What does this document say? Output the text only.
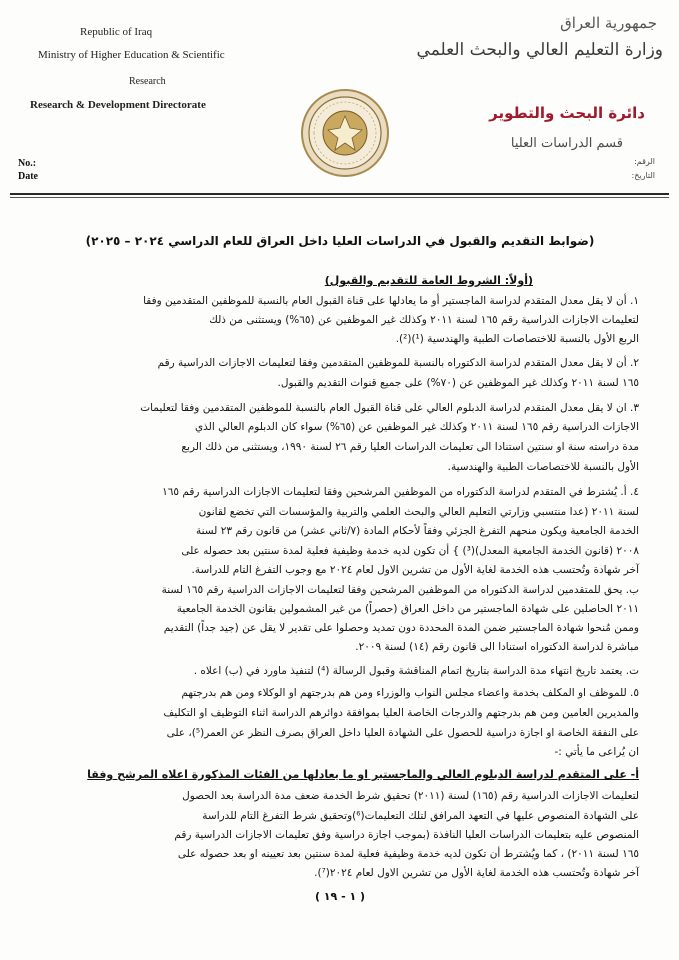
Republic of Iraq
Ministry of Higher Education & Scientific
Research
Research & Development Directorate
جمهورية العراق
وزارة التعليم العالي والبحث العلمي
دائرة البحث والتطوير
قسم الدراسات العليا
No.:
Date
الرقم:
التاريخ:
(ضوابط التقديم والقبول في الدراسات العليا داخل العراق للعام الدراسي ٢٠٢٤ – ٢٠٢٥)
(أولاً: الشروط العامة للتقديم والقبول)
١. أن لا يقل معدل المتقدم لدراسة الماجستير أو ما يعادلها على قناة القبول العام بالنسبة للموظفين المتقدمين وفقا
لتعليمات الاجازات الدراسية رقم ١٦٥ لسنة ٢٠١١ وكذلك غير الموظفين عن (٦٥%) ويستثنى من ذلك
الربع الأول بالنسبة للاختصاصات الطبية والهندسية (¹)(²).
٢. أن لا يقل معدل المتقدم لدراسة الدكتوراه بالنسبة للموظفين المتقدمين وفقا لتعليمات الاجازات الدراسية رقم
١٦٥ لسنة ٢٠١١ وكذلك غير الموظفين عن (٧٠%) على جميع قنوات التقديم والقبول.
٣. ان لا يقل معدل المتقدم لدراسة الدبلوم العالي على قناة القبول العام بالنسبة للموظفين المتقدمين وفقا لتعليمات
الاجازات الدراسية رقم ١٦٥ لسنة ٢٠١١ وكذلك غير الموظفين عن (٦٥%) سواء كان الدبلوم العالي الذي
مدة دراسته سنة او سنتين استنادا الى تعليمات الدراسات العليا رقم ٢٦ لسنة ١٩٩٠، ويستثنى من ذلك الربع
الأول بالنسبة للاختصاصات الطبية والهندسية.
٤. أ. يُشترط في المتقدم لدراسة الدكتوراه من الموظفين المرشحين وفقا لتعليمات الاجازات الدراسية رقم ١٦٥
لسنة ٢٠١١ (عدا منتسبي وزارتي التعليم العالي والبحث العلمي والتربية والمؤسسات التي تخضع لقانون
الخدمة الجامعية ويكون منحهم التفرغ الجزئي وفقاً لأحكام المادة (٧/ثاني عشر) من قانون رقم ٢٣ لسنة
٢٠٠٨ (قانون الخدمة الجامعية المعدل)(³) } أن تكون لديه خدمة وظيفية فعلية لمدة سنتين بعد حصوله على
آخر شهادة وتُحتسب هذه الخدمة لغاية الأول من تشرين الاول لعام ٢٠٢٤ مع وجوب التفرغ التام للدراسة.
ب. يحق للمتقدمين لدراسة الدكتوراه من الموظفين المرشحين وفقا لتعليمات الاجازات الدراسية رقم ١٦٥ لسنة
٢٠١١ الحاصلين على شهادة الماجستير من داخل العراق (حصراً) من غير المشمولين بقانون الخدمة الجامعية
وممن مُنحوا شهادة الماجستير ضمن المدة المحددة دون تمديد وحصلوا على تقدير لا يقل عن (جيد جداً) التقديم
مباشرة لدراسة الدكتوراه استنادا الى قانون رقم (١٤) لسنة ٢٠٠٩.
ت. يعتمد تاريخ انتهاء مدة الدراسة بتاريخ اتمام المناقشة وقبول الرسالة (⁴) لتنفيذ ماورد في (ب) اعلاه .
٥. للموظف او المكلف بخدمة واعضاء مجلس النواب والوزراء ومن هم بدرجتهم او الوكلاء ومن هم بدرجتهم
والمديرين العامين ومن هم بدرجتهم والدرجات الخاصة العليا بموافقة دوائرهم الدراسة اثناء التوظيف او التكليف
على النفقة الخاصة او اجازة دراسية للحصول على الشهادة العليا داخل العراق بصرف النظر عن العمر(⁵)، على
ان يُراعى ما يأتي :-
أ- على المتقدم لدراسة الدبلوم العالي والماجستير او ما يعادلها من الفئات المذكورة اعلاه المرشح وفقا
لتعليمات الاجازات الدراسية رقم (١٦٥) لسنة (٢٠١١) تحقيق شرط الخدمة ضعف مدة الدراسة بعد الحصول
على الشهادة المنصوص عليها في التعهد المرافق لتلك التعليمات(⁶)وتحقيق شرط التفرغ التام للدراسة
المنصوص عليه بتعليمات الدراسات العليا النافذة (بموجب اجازة دراسية وفق تعليمات الاجازات الدراسية رقم
١٦٥ لسنة ٢٠١١) ، كما ويُشترط أن تكون لديه خدمة وظيفية فعلية لمدة سنتين بعد تعيينه او بعد حصوله على
آخر شهادة وتُحتسب هذه الخدمة لغاية الأول من تشرين الاول لعام ٢٠٢٤(⁷).
( ١ - ١٩ )
